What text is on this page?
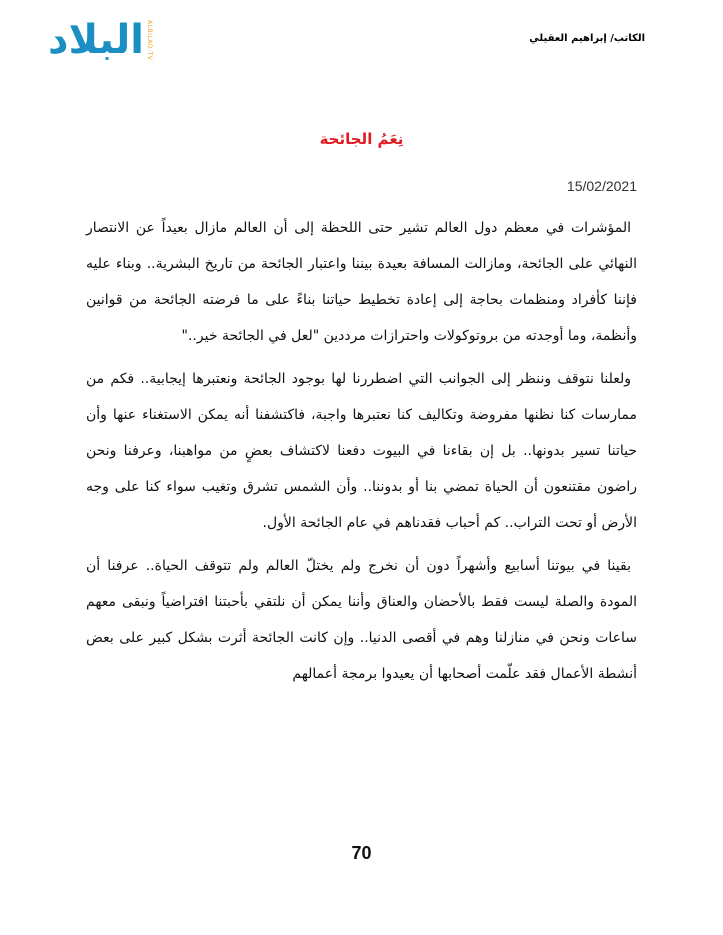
البلاد ALBILAD.TV	الكاتب/ إبراهيم العقيلي
نِعَمُ الجائحة
15/02/2021

المؤشرات في معظم دول العالم تشير حتى اللحظة إلى أن العالم مازال بعيداً عن الانتصار النهائي على الجائحة، ومازالت المسافة بعيدة بيننا واعتبار الجائحة من تاريخ البشرية.. وبناء عليه فإننا كأفراد ومنظمات بحاجة إلى إعادة تخطيط حياتنا بناءً على ما فرضته الجائحة من قوانين وأنظمة، وما أوجدته من بروتوكولات واحترازات مرددين "لعل في الجائحة خير.."

ولعلنا نتوقف وننظر إلى الجوانب التي اضطررنا لها بوجود الجائحة ونعتبرها إيجابية.. فكم من ممارسات كنا نظنها مفروضة وتكاليف كنا نعتبرها واجبة، فاكتشفنا أنه يمكن الاستغناء عنها وأن حياتنا تسير بدونها.. بل إن بقاءنا في البيوت دفعنا لاكتشاف بعضٍ من مواهبنا، وعرفنا ونحن راضون مقتنعون أن الحياة تمضي بنا أو بدوننا.. وأن الشمس تشرق وتغيب سواء كنا على وجه الأرض أو تحت التراب.. كم أحباب فقدناهم في عام الجائحة الأول.

بقينا في بيوتنا أسابيع وأشهراً دون أن نخرج ولم يختلّ العالم ولم تتوقف الحياة.. عرفنا أن المودة والصلة ليست فقط بالأحضان والعناق وأننا يمكن أن نلتقي بأحبتنا افتراضياً ونبقى معهم ساعات ونحن في منازلنا وهم في أقصى الدنيا.. وإن كانت الجائحة أثرت بشكل كبير على بعض أنشطة الأعمال فقد علّمت أصحابها أن يعيدوا برمجة أعمالهم

70
